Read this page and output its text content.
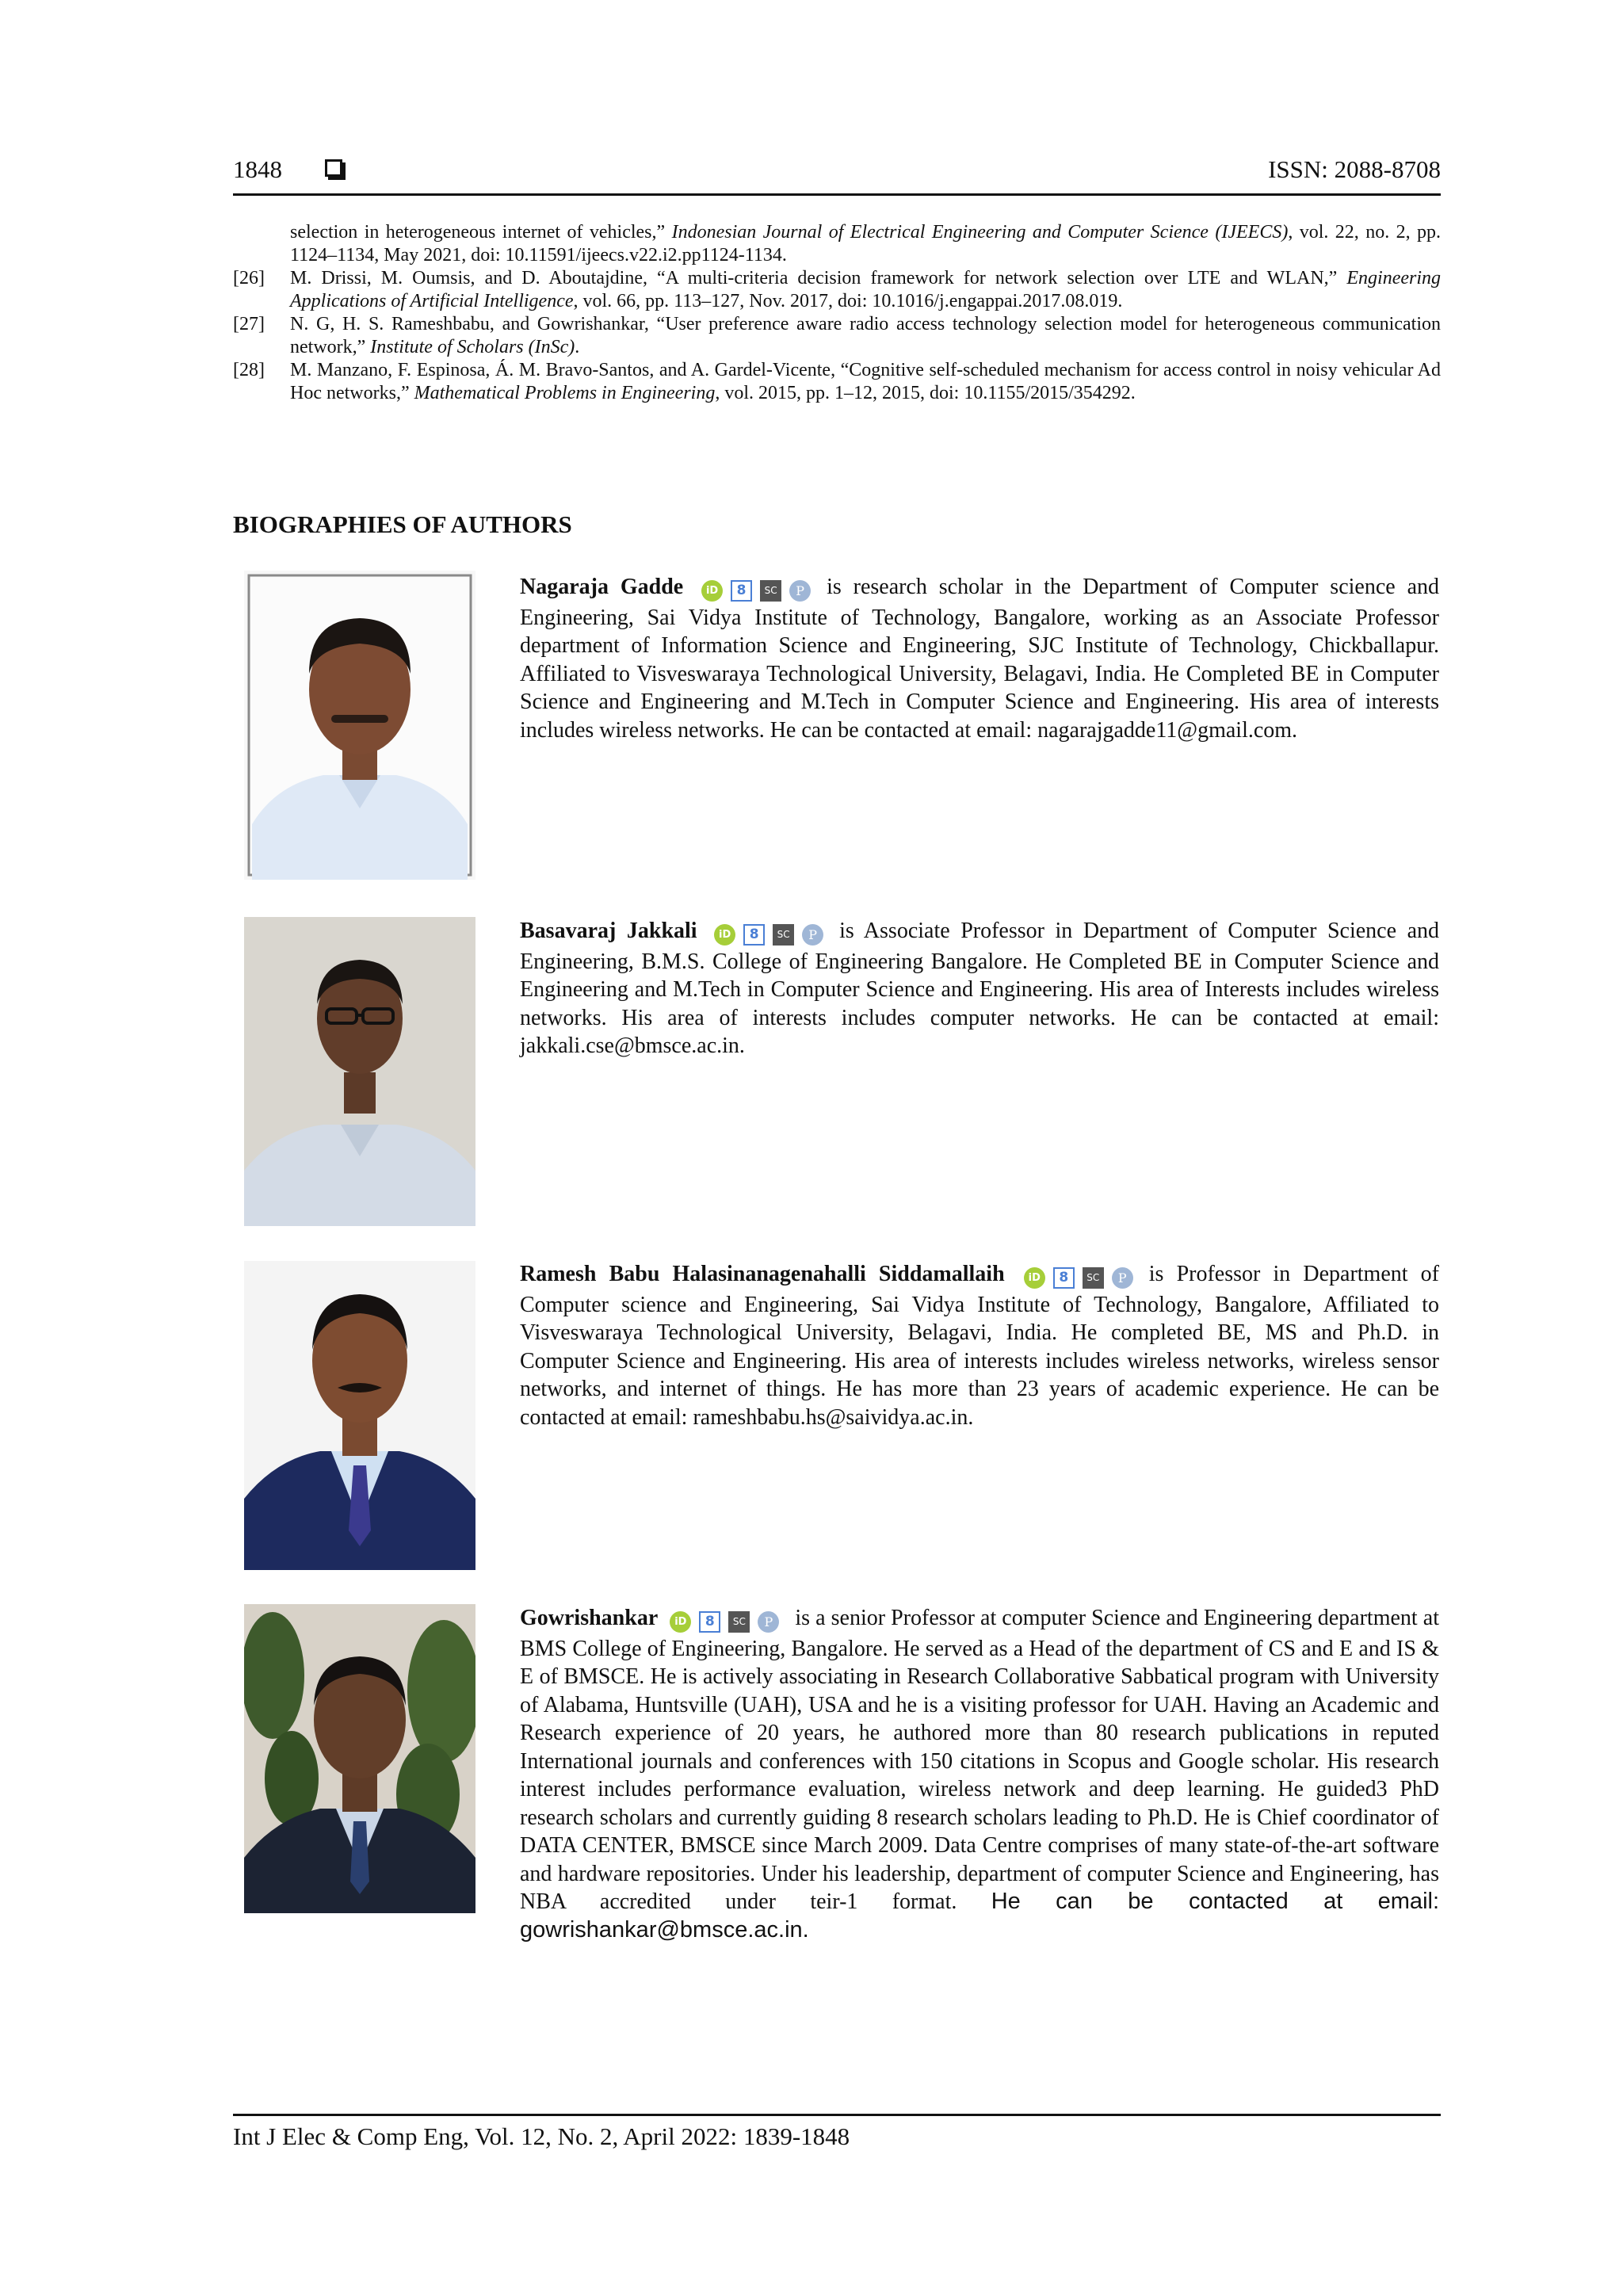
1848	ISSN: 2088-8708
selection in heterogeneous internet of vehicles,” Indonesian Journal of Electrical Engineering and Computer Science (IJEECS), vol. 22, no. 2, pp. 1124–1134, May 2021, doi: 10.11591/ijeecs.v22.i2.pp1124-1134.
[26] M. Drissi, M. Oumsis, and D. Aboutajdine, “A multi-criteria decision framework for network selection over LTE and WLAN,” Engineering Applications of Artificial Intelligence, vol. 66, pp. 113–127, Nov. 2017, doi: 10.1016/j.engappai.2017.08.019.
[27] N. G, H. S. Rameshbabu, and Gowrishankar, “User preference aware radio access technology selection model for heterogeneous communication network,” Institute of Scholars (InSc).
[28] M. Manzano, F. Espinosa, Á. M. Bravo-Santos, and A. Gardel-Vicente, “Cognitive self-scheduled mechanism for access control in noisy vehicular Ad Hoc networks,” Mathematical Problems in Engineering, vol. 2015, pp. 1–12, 2015, doi: 10.1155/2015/354292.
BIOGRAPHIES OF AUTHORS
Nagaraja Gadde iD 8 SC P is research scholar in the Department of Computer science and Engineering, Sai Vidya Institute of Technology, Bangalore, working as an Associate Professor department of Information Science and Engineering, SJC Institute of Technology, Chickballapur. Affiliated to Visveswaraya Technological University, Belagavi, India. He Completed BE in Computer Science and Engineering and M.Tech in Computer Science and Engineering. His area of interests includes wireless networks. He can be contacted at email: nagarajgadde11@gmail.com.
Basavaraj Jakkali iD 8 SC P is Associate Professor in Department of Computer Science and Engineering, B.M.S. College of Engineering Bangalore. He Completed BE in Computer Science and Engineering and M.Tech in Computer Science and Engineering. His area of Interests includes wireless networks. His area of interests includes computer networks. He can be contacted at email: jakkali.cse@bmsce.ac.in.
Ramesh Babu Halasinanagenahalli Siddamallaih iD 8 SC P is Professor in Department of Computer science and Engineering, Sai Vidya Institute of Technology, Bangalore, Affiliated to Visveswaraya Technological University, Belagavi, India. He completed BE, MS and Ph.D. in Computer Science and Engineering. His area of interests includes wireless networks, wireless sensor networks, and internet of things. He has more than 23 years of academic experience. He can be contacted at email: rameshbabu.hs@saividya.ac.in.
Gowrishankar iD 8 SC P is a senior Professor at computer Science and Engineering department at BMS College of Engineering, Bangalore. He served as a Head of the department of CS and E and IS & E of BMSCE. He is actively associating in Research Collaborative Sabbatical program with University of Alabama, Huntsville (UAH), USA and he is a visiting professor for UAH. Having an Academic and Research experience of 20 years, he authored more than 80 research publications in reputed International journals and conferences with 150 citations in Scopus and Google scholar. His research interest includes performance evaluation, wireless network and deep learning. He guided3 PhD research scholars and currently guiding 8 research scholars leading to Ph.D. He is Chief coordinator of DATA CENTER, BMSCE since March 2009. Data Centre comprises of many state-of-the-art software and hardware repositories. Under his leadership, department of computer Science and Engineering, has NBA accredited under teir-1 format. He can be contacted at email: gowrishankar@bmsce.ac.in.
Int J Elec & Comp Eng, Vol. 12, No. 2, April 2022: 1839-1848
